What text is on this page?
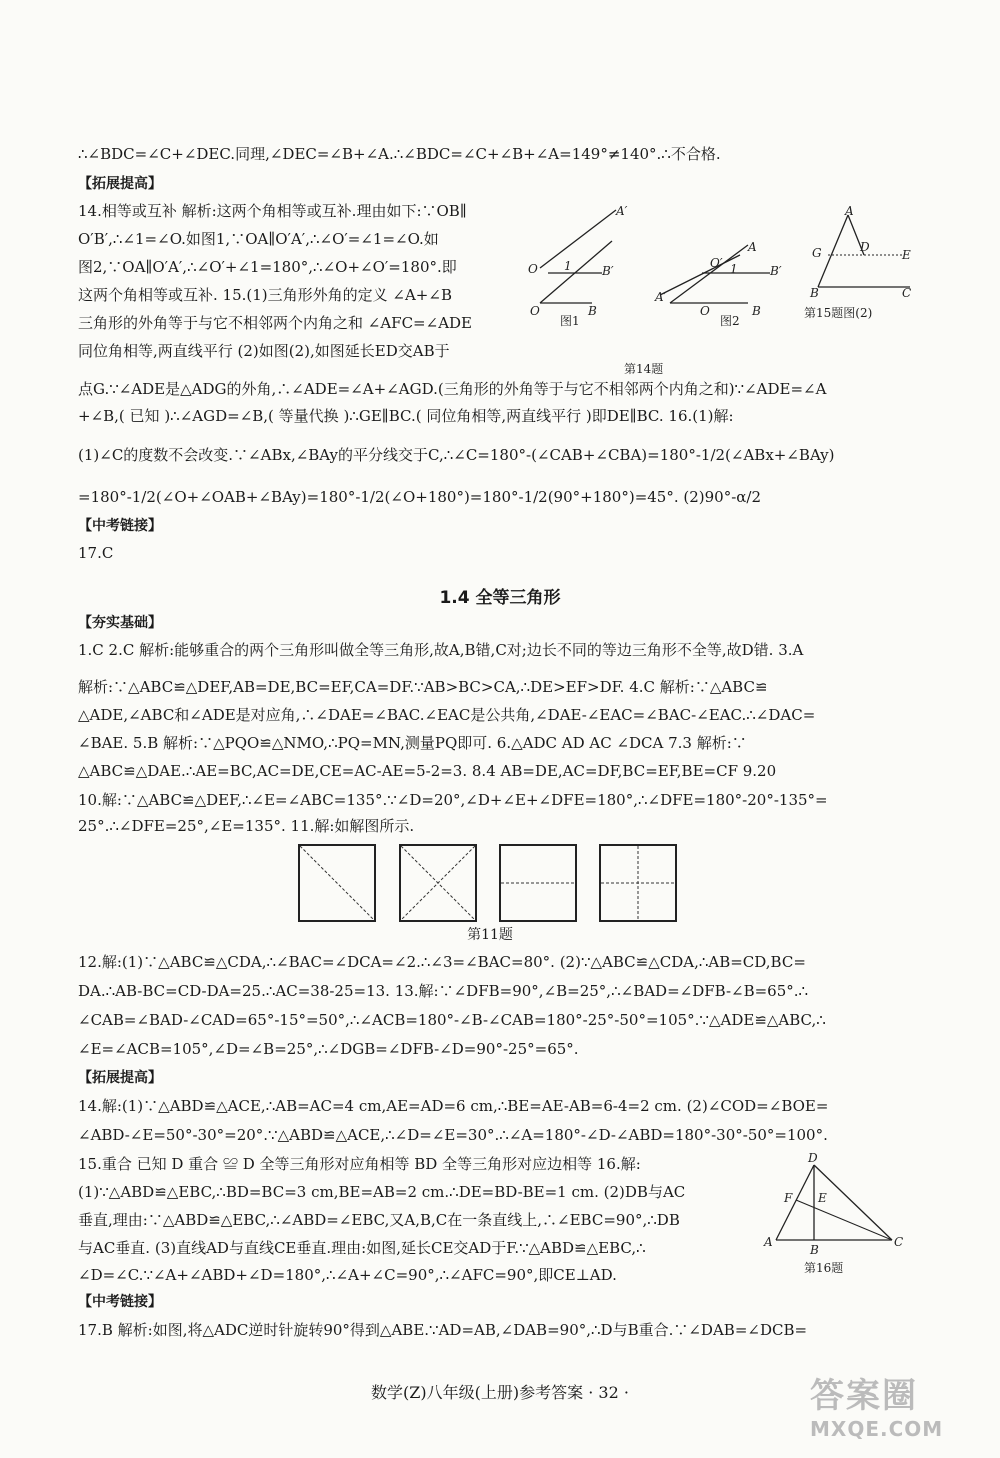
∴∠BDC=∠C+∠DEC.同理,∠DEC=∠B+∠A.∴∠BDC=∠C+∠B+∠A=149°≠140°.∴不合格.
【拓展提高】
14.相等或互补 解析:这两个角相等或互补.理由如下:∵OB∥
O′B′,∴∠1=∠O.如图1,∵OA∥O′A′,∴∠O′=∠1=∠O.如
图2,∵OA∥O′A′,∴∠O′+∠1=180°,∴∠O+∠O′=180°.即
这两个角相等或互补. 15.(1)三角形外角的定义 ∠A+∠B
三角形的外角等于与它不相邻两个内角之和 ∠AFC=∠ADE
同位角相等,两直线平行 (2)如图(2),如图延长ED交AB于
点G.∵∠ADE是△ADG的外角,∴∠ADE=∠A+∠AGD.(三角形的外角等于与它不相邻两个内角之和)∵∠ADE=∠A
+∠B,( 已知 )∴∠AGD=∠B,( 等量代换 )∴GE∥BC.( 同位角相等,两直线平行 )即DE∥BC. 16.(1)解:
(1)∠C的度数不会改变.∵∠ABx,∠BAy的平分线交于C,∴∠C=180°-(∠CAB+∠CBA)=180°-1/2(∠ABx+∠BAy)
=180°-1/2(∠O+∠OAB+∠BAy)=180°-1/2(∠O+180°)=180°-1/2(90°+180°)=45°. (2)90°-α/2
【中考链接】
17.C
A′
O 1	B′
O	B
图1
O′
A
B′
A′
1
O	B
图2
第14题
A
G	D
E
B	C
第15题图(2)
1.4 全等三角形
【夯实基础】
1.C 2.C 解析:能够重合的两个三角形叫做全等三角形,故A,B错,C对;边长不同的等边三角形不全等,故D错. 3.A
解析:∵△ABC≌△DEF,AB=DE,BC=EF,CA=DF.∵AB>BC>CA,∴DE>EF>DF. 4.C 解析:∵△ABC≌
△ADE,∠ABC和∠ADE是对应角,∴∠DAE=∠BAC.∠EAC是公共角,∠DAE-∠EAC=∠BAC-∠EAC.∴∠DAC=
∠BAE. 5.B 解析:∵△PQO≌△NMO,∴PQ=MN,测量PQ即可. 6.△ADC AD AC ∠DCA 7.3 解析:∵
△ABC≌△DAE.∴AE=BC,AC=DE,CE=AC-AE=5-2=3. 8.4 AB=DE,AC=DF,BC=EF,BE=CF 9.20
10.解:∵△ABC≌△DEF,∴∠E=∠ABC=135°.∵∠D=20°,∠D+∠E+∠DFE=180°,∴∠DFE=180°-20°-135°=
25°.∴∠DFE=25°,∠E=135°. 11.解:如解图所示.
第11题
12.解:(1)∵△ABC≌△CDA,∴∠BAC=∠DCA=∠2.∴∠3=∠BAC=80°. (2)∵△ABC≌△CDA,∴AB=CD,BC=
DA.∴AB-BC=CD-DA=25.∴AC=38-25=13. 13.解:∵∠DFB=90°,∠B=25°,∴∠BAD=∠DFB-∠B=65°.∴
∠CAB=∠BAD-∠CAD=65°-15°=50°,∴∠ACB=180°-∠B-∠CAB=180°-25°-50°=105°.∵△ADE≌△ABC,∴
∠E=∠ACB=105°,∠D=∠B=25°,∴∠DGB=∠DFB-∠D=90°-25°=65°.
【拓展提高】
14.解:(1)∵△ABD≌△ACE,∴AB=AC=4 cm,AE=AD=6 cm,∴BE=AE-AB=6-4=2 cm. (2)∠COD=∠BOE=
∠ABD-∠E=50°-30°=20°.∵△ABD≌△ACE,∴∠D=∠E=30°.∴∠A=180°-∠D-∠ABD=180°-30°-50°=100°.
15.重合 已知 D 重合 ≌ D 全等三角形对应角相等 BD 全等三角形对应边相等 16.解:
(1)∵△ABD≌△EBC,∴BD=BC=3 cm,BE=AB=2 cm.∴DE=BD-BE=1 cm. (2)DB与AC
垂直,理由:∵△ABD≌△EBC,∴∠ABD=∠EBC,又A,B,C在一条直线上,∴∠EBC=90°,∴DB
与AC垂直. (3)直线AD与直线CE垂直.理由:如图,延长CE交AD于F.∵△ABD≌△EBC,∴
∠D=∠C.∵∠A+∠ABD+∠D=180°,∴∠A+∠C=90°,∴∠AFC=90°,即CE⊥AD.
D
F E
A
B
C
第16题
【中考链接】
17.B 解析:如图,将△ADC逆时针旋转90°得到△ABE.∵AD=AB,∠DAB=90°,∴D与B重合.∵∠DAB=∠DCB=
数学(Z)八年级(上册)参考答案 · 32 ·	答案圈
MXQE.COM
